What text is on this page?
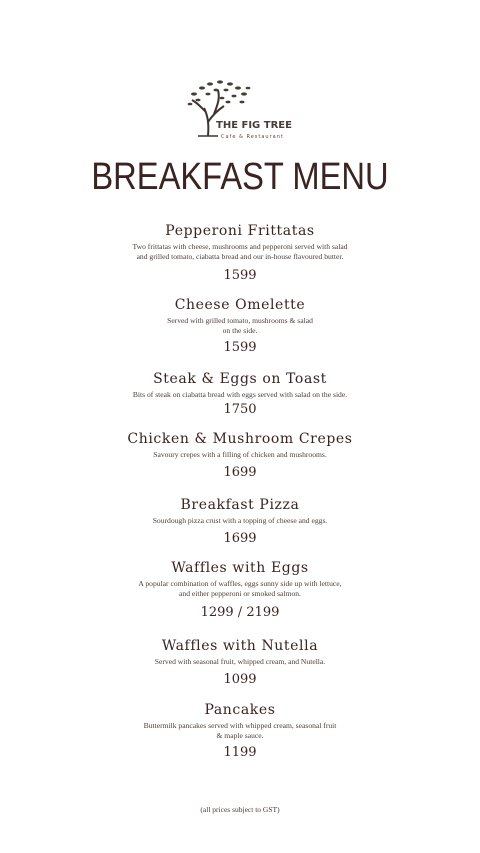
THE FIG TREE
Cafe & Restaurant
BREAKFAST MENU
Pepperoni Frittatas
Two frittatas with cheese, mushrooms and pepperoni served with salad
and grilled tomato, ciabatta bread and our in-house flavoured butter.
1599
Cheese Omelette
Served with grilled tomato, mushrooms & salad
on the side.
1599
Steak & Eggs on Toast
Bits of steak on ciabatta bread with eggs served with salad on the side.
1750
Chicken & Mushroom Crepes
Savoury crepes with a filling of chicken and mushrooms.
1699
Breakfast Pizza
Sourdough pizza crust with a topping of cheese and eggs.
1699
Waffles with Eggs
A popular combination of waffles, eggs sunny side up with lettuce,
and either pepperoni or smoked salmon.
1299 / 2199
Waffles with Nutella
Served with seasonal fruit, whipped cream, and Nutella.
1099
Pancakes
Buttermilk pancakes served with whipped cream, seasonal fruit
& maple sauce.
1199
(all prices subject to GST)
